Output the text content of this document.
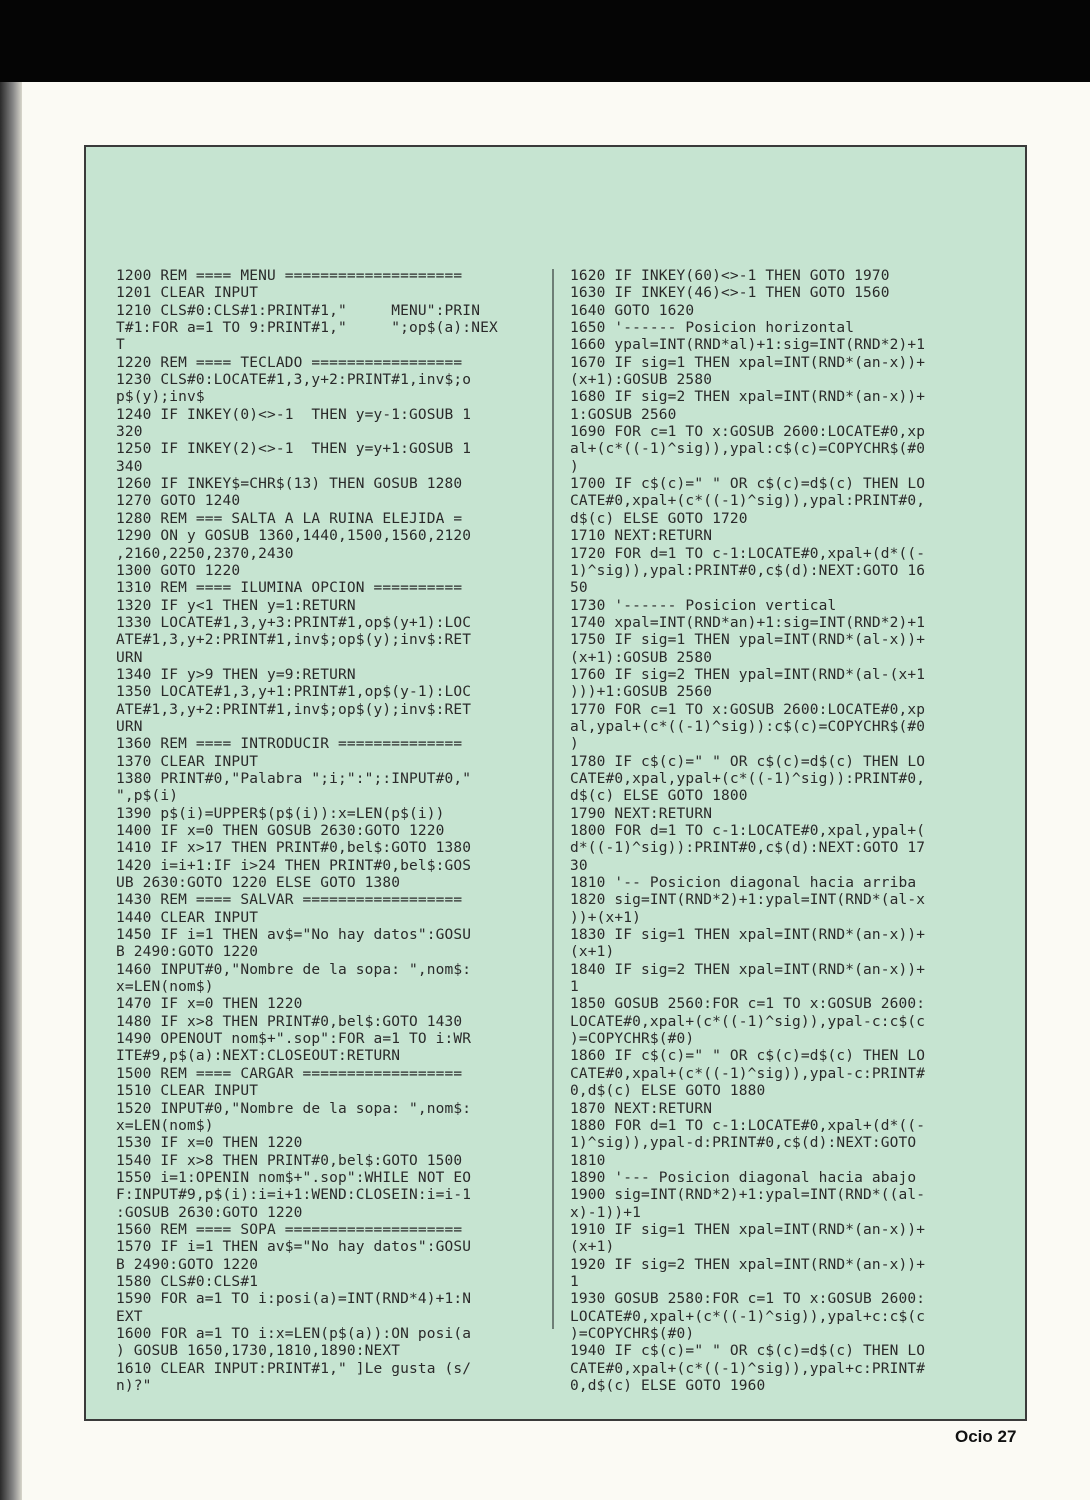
1200 REM ==== MENU ====================
1201 CLEAR INPUT
1210 CLS#0:CLS#1:PRINT#1,"     MENU":PRIN
T#1:FOR a=1 TO 9:PRINT#1,"     ";op$(a):NEX
T
1220 REM ==== TECLADO =================
1230 CLS#0:LOCATE#1,3,y+2:PRINT#1,inv$;o
p$(y);inv$
1240 IF INKEY(0)<>-1  THEN y=y-1:GOSUB 1
320
1250 IF INKEY(2)<>-1  THEN y=y+1:GOSUB 1
340
1260 IF INKEY$=CHR$(13) THEN GOSUB 1280
1270 GOTO 1240
1280 REM === SALTA A LA RUINA ELEJIDA =
1290 ON y GOSUB 1360,1440,1500,1560,2120
,2160,2250,2370,2430
1300 GOTO 1220
1310 REM ==== ILUMINA OPCION ==========
1320 IF y<1 THEN y=1:RETURN
1330 LOCATE#1,3,y+3:PRINT#1,op$(y+1):LOC
ATE#1,3,y+2:PRINT#1,inv$;op$(y);inv$:RET
URN
1340 IF y>9 THEN y=9:RETURN
1350 LOCATE#1,3,y+1:PRINT#1,op$(y-1):LOC
ATE#1,3,y+2:PRINT#1,inv$;op$(y);inv$:RET
URN
1360 REM ==== INTRODUCIR ==============
1370 CLEAR INPUT
1380 PRINT#0,"Palabra ";i;":";:INPUT#0,"
",p$(i)
1390 p$(i)=UPPER$(p$(i)):x=LEN(p$(i))
1400 IF x=0 THEN GOSUB 2630:GOTO 1220
1410 IF x>17 THEN PRINT#0,bel$:GOTO 1380
1420 i=i+1:IF i>24 THEN PRINT#0,bel$:GOS
UB 2630:GOTO 1220 ELSE GOTO 1380
1430 REM ==== SALVAR ==================
1440 CLEAR INPUT
1450 IF i=1 THEN av$="No hay datos":GOSU
B 2490:GOTO 1220
1460 INPUT#0,"Nombre de la sopa: ",nom$:
x=LEN(nom$)
1470 IF x=0 THEN 1220
1480 IF x>8 THEN PRINT#0,bel$:GOTO 1430
1490 OPENOUT nom$+".sop":FOR a=1 TO i:WR
ITE#9,p$(a):NEXT:CLOSEOUT:RETURN
1500 REM ==== CARGAR ==================
1510 CLEAR INPUT
1520 INPUT#0,"Nombre de la sopa: ",nom$:
x=LEN(nom$)
1530 IF x=0 THEN 1220
1540 IF x>8 THEN PRINT#0,bel$:GOTO 1500
1550 i=1:OPENIN nom$+".sop":WHILE NOT EO
F:INPUT#9,p$(i):i=i+1:WEND:CLOSEIN:i=i-1
:GOSUB 2630:GOTO 1220
1560 REM ==== SOPA ====================
1570 IF i=1 THEN av$="No hay datos":GOSU
B 2490:GOTO 1220
1580 CLS#0:CLS#1
1590 FOR a=1 TO i:posi(a)=INT(RND*4)+1:N
EXT
1600 FOR a=1 TO i:x=LEN(p$(a)):ON posi(a
) GOSUB 1650,1730,1810,1890:NEXT
1610 CLEAR INPUT:PRINT#1," ]Le gusta (s/
n)?"
1620 IF INKEY(60)<>-1 THEN GOTO 1970
1630 IF INKEY(46)<>-1 THEN GOTO 1560
1640 GOTO 1620
1650 '------ Posicion horizontal
1660 ypal=INT(RND*al)+1:sig=INT(RND*2)+1
1670 IF sig=1 THEN xpal=INT(RND*(an-x))+
(x+1):GOSUB 2580
1680 IF sig=2 THEN xpal=INT(RND*(an-x))+
1:GOSUB 2560
1690 FOR c=1 TO x:GOSUB 2600:LOCATE#0,xp
al+(c*((-1)^sig)),ypal:c$(c)=COPYCHR$(#0
)
1700 IF c$(c)=" " OR c$(c)=d$(c) THEN LO
CATE#0,xpal+(c*((-1)^sig)),ypal:PRINT#0,
d$(c) ELSE GOTO 1720
1710 NEXT:RETURN
1720 FOR d=1 TO c-1:LOCATE#0,xpal+(d*((-
1)^sig)),ypal:PRINT#0,c$(d):NEXT:GOTO 16
50
1730 '------ Posicion vertical
1740 xpal=INT(RND*an)+1:sig=INT(RND*2)+1
1750 IF sig=1 THEN ypal=INT(RND*(al-x))+
(x+1):GOSUB 2580
1760 IF sig=2 THEN ypal=INT(RND*(al-(x+1
)))+1:GOSUB 2560
1770 FOR c=1 TO x:GOSUB 2600:LOCATE#0,xp
al,ypal+(c*((-1)^sig)):c$(c)=COPYCHR$(#0
)
1780 IF c$(c)=" " OR c$(c)=d$(c) THEN LO
CATE#0,xpal,ypal+(c*((-1)^sig)):PRINT#0,
d$(c) ELSE GOTO 1800
1790 NEXT:RETURN
1800 FOR d=1 TO c-1:LOCATE#0,xpal,ypal+(
d*((-1)^sig)):PRINT#0,c$(d):NEXT:GOTO 17
30
1810 '-- Posicion diagonal hacia arriba
1820 sig=INT(RND*2)+1:ypal=INT(RND*(al-x
))+(x+1)
1830 IF sig=1 THEN xpal=INT(RND*(an-x))+
(x+1)
1840 IF sig=2 THEN xpal=INT(RND*(an-x))+
1
1850 GOSUB 2560:FOR c=1 TO x:GOSUB 2600:
LOCATE#0,xpal+(c*((-1)^sig)),ypal-c:c$(c
)=COPYCHR$(#0)
1860 IF c$(c)=" " OR c$(c)=d$(c) THEN LO
CATE#0,xpal+(c*((-1)^sig)),ypal-c:PRINT#
0,d$(c) ELSE GOTO 1880
1870 NEXT:RETURN
1880 FOR d=1 TO c-1:LOCATE#0,xpal+(d*((-
1)^sig)),ypal-d:PRINT#0,c$(d):NEXT:GOTO
1810
1890 '--- Posicion diagonal hacia abajo
1900 sig=INT(RND*2)+1:ypal=INT(RND*((al-
x)-1))+1
1910 IF sig=1 THEN xpal=INT(RND*(an-x))+
(x+1)
1920 IF sig=2 THEN xpal=INT(RND*(an-x))+
1
1930 GOSUB 2580:FOR c=1 TO x:GOSUB 2600:
LOCATE#0,xpal+(c*((-1)^sig)),ypal+c:c$(c
)=COPYCHR$(#0)
1940 IF c$(c)=" " OR c$(c)=d$(c) THEN LO
CATE#0,xpal+(c*((-1)^sig)),ypal+c:PRINT#
0,d$(c) ELSE GOTO 1960
Ocio 27
